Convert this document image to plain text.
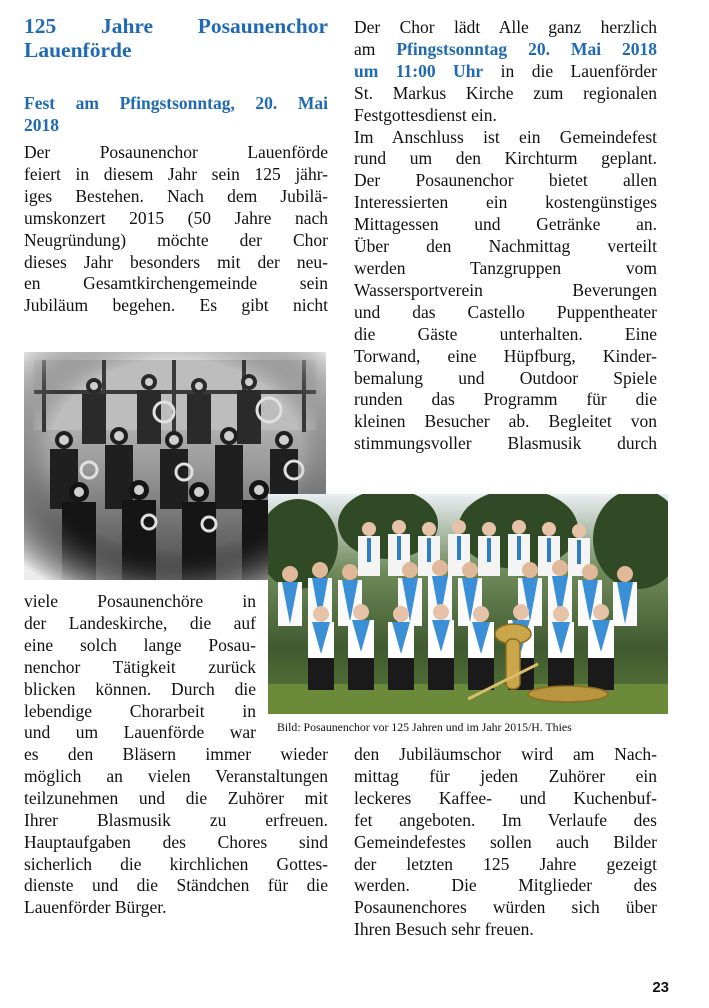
125 Jahre Posaunenchor
Lauenförde
Fest am Pfingstsonntag, 20. Mai
2018
Der Posaunenchor Lauenförde
feiert in diesem Jahr sein 125 jähr-
iges Bestehen. Nach dem Jubilä-
umskonzert 2015 (50 Jahre nach
Neugründung) möchte der Chor
dieses Jahr besonders mit der neu-
en Gesamtkirchengemeinde sein
Jubiläum begehen. Es gibt nicht
Der Chor lädt Alle ganz herzlich
am Pfingstsonntag 20. Mai 2018
um 11:00 Uhr in die Lauenförder
St. Markus Kirche zum regionalen
Festgottesdienst ein.
Im Anschluss ist ein Gemeindefest
rund um den Kirchturm geplant.
Der Posaunenchor bietet allen
Interessierten ein kostengünstiges
Mittagessen und Getränke an.
Über den Nachmittag verteilt
werden Tanzgruppen vom
Wassersportverein Beverungen
und das Castello Puppentheater
die Gäste unterhalten. Eine
Torwand, eine Hüpfburg, Kinder-
bemalung und Outdoor Spiele
runden das Programm für die
kleinen Besucher ab. Begleitet von
stimmungsvoller Blasmusik durch
viele Posaunenchöre in
der Landeskirche, die auf
eine solch lange Posau-
nenchor Tätigkeit zurück
blicken können. Durch die
lebendige Chorarbeit in
und um Lauenförde war Bild: Posaunenchor vor 125 Jahren und im Jahr 2015/H. Thies
es den Bläsern immer wieder
möglich an vielen Veranstaltungen
teilzunehmen und die Zuhörer mit
Ihrer Blasmusik zu erfreuen.
Hauptaufgaben des Chores sind
sicherlich die kirchlichen Gottes-
dienste und die Ständchen für die
Lauenförder Bürger.
den Jubiläumschor wird am Nach-
mittag für jeden Zuhörer ein
leckeres Kaffee- und Kuchenbuf-
fet angeboten. Im Verlaufe des
Gemeindefestes sollen auch Bilder
der letzten 125 Jahre gezeigt
werden. Die Mitglieder des
Posaunenchores würden sich über
Ihren Besuch sehr freuen.
23
